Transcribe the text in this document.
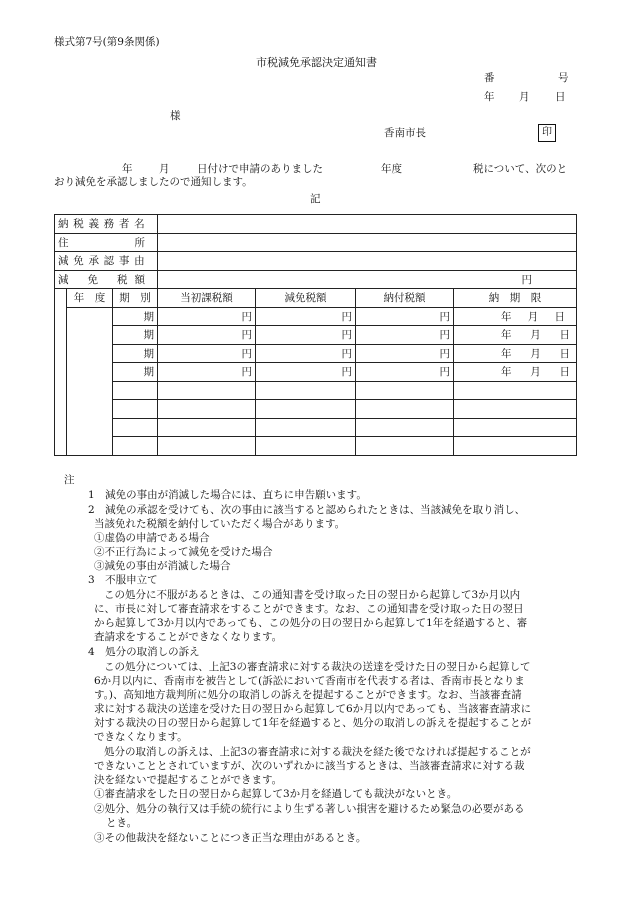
様式第7号(第9条関係)
市税減免承認決定通知書
番	号
年 月 日
様
香南市長	印
年	月	日付けで申請のありました	年度	税について、次のと
おり減免を承認しましたので通知します。
記
納税義務者名						
住 所						
減免承認事由						
減 免 税 額			円			
	年　度	期　別	当初課税額	減免税額	納付税額	納　期　限
		期	円	円	円	年 月 日

		期	円	円	円	年 月 日

		期	円	円	円	年 月 日

		期	円	円	円	年 月 日

注
1　減免の事由が消滅した場合には、直ちに申告願います。
2　減免の承認を受けても、次の事由に該当すると認められたときは、当該減免を取り消し、
当該免れた税額を納付していただく場合があります。
①虚偽の申請である場合
②不正行為によって減免を受けた場合
③減免の事由が消滅した場合
3　不服申立て
この処分に不服があるときは、この通知書を受け取った日の翌日から起算して3か月以内
に、市長に対して審査請求をすることができます。なお、この通知書を受け取った日の翌日
から起算して3か月以内であっても、この処分の日の翌日から起算して1年を経過すると、審
査請求をすることができなくなります。
4　処分の取消しの訴え
この処分については、上記3の審査請求に対する裁決の送達を受けた日の翌日から起算して
6か月以内に、香南市を被告として(訴訟において香南市を代表する者は、香南市長となりま
す。)、高知地方裁判所に処分の取消しの訴えを提起することができます。なお、当該審査請
求に対する裁決の送達を受けた日の翌日から起算して6か月以内であっても、当該審査請求に
対する裁決の日の翌日から起算して1年を経過すると、処分の取消しの訴えを提起することが
できなくなります。
処分の取消しの訴えは、上記3の審査請求に対する裁決を経た後でなければ提起することが
できないこととされていますが、次のいずれかに該当するときは、当該審査請求に対する裁
決を経ないで提起することができます。
①審査請求をした日の翌日から起算して3か月を経過しても裁決がないとき。
②処分、処分の執行又は手続の続行により生ずる著しい損害を避けるため緊急の必要がある
とき。
③その他裁決を経ないことにつき正当な理由があるとき。
